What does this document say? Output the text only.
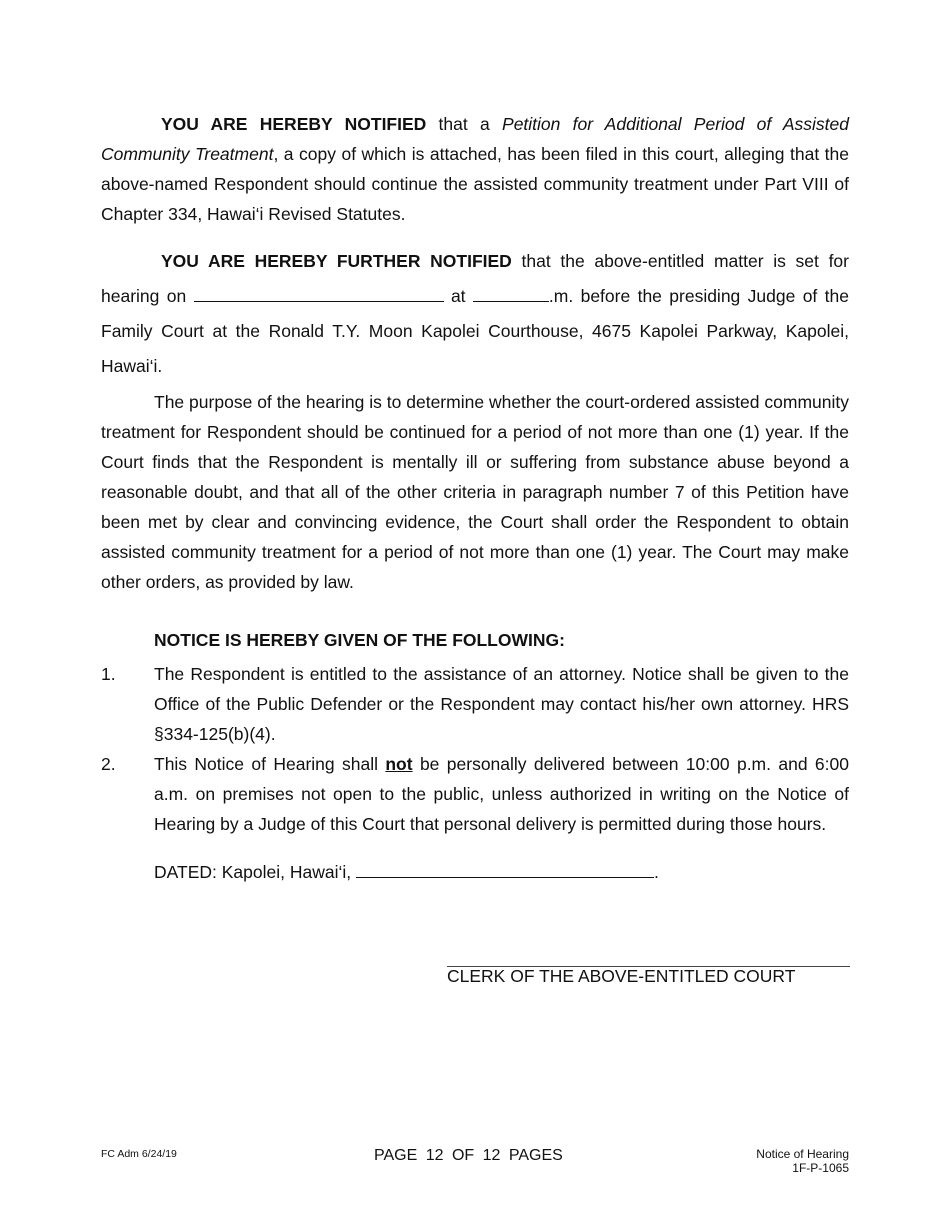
YOU ARE HEREBY NOTIFIED that a Petition for Additional Period of Assisted Community Treatment, a copy of which is attached, has been filed in this court, alleging that the above-named Respondent should continue the assisted community treatment under Part VIII of Chapter 334, Hawai‘i Revised Statutes.

YOU ARE HEREBY FURTHER NOTIFIED that the above-entitled matter is set for hearing on	at	.m. before the presiding Judge of the Family Court at the Ronald T.Y. Moon Kapolei Courthouse, 4675 Kapolei Parkway, Kapolei, Hawai‘i.

The purpose of the hearing is to determine whether the court-ordered assisted community treatment for Respondent should be continued for a period of not more than one (1) year. If the Court finds that the Respondent is mentally ill or suffering from substance abuse beyond a reasonable doubt, and that all of the other criteria in paragraph number 7 of this Petition have been met by clear and convincing evidence, the Court shall order the Respondent to obtain assisted community treatment for a period of not more than one (1) year. The Court may make other orders, as provided by law.

NOTICE IS HEREBY GIVEN OF THE FOLLOWING:
1. The Respondent is entitled to the assistance of an attorney. Notice shall be given to the Office of the Public Defender or the Respondent may contact his/her own attorney. HRS §334-125(b)(4).
2. This Notice of Hearing shall not be personally delivered between 10:00 p.m. and 6:00 a.m. on premises not open to the public, unless authorized in writing on the Notice of Hearing by a Judge of this Court that personal delivery is permitted during those hours.
DATED: Kapolei, Hawai‘i,	.
CLERK OF THE ABOVE-ENTITLED COURT
FC Adm 6/24/19	PAGE 12 OF 12 PAGES	Notice of Hearing
1F-P-1065
